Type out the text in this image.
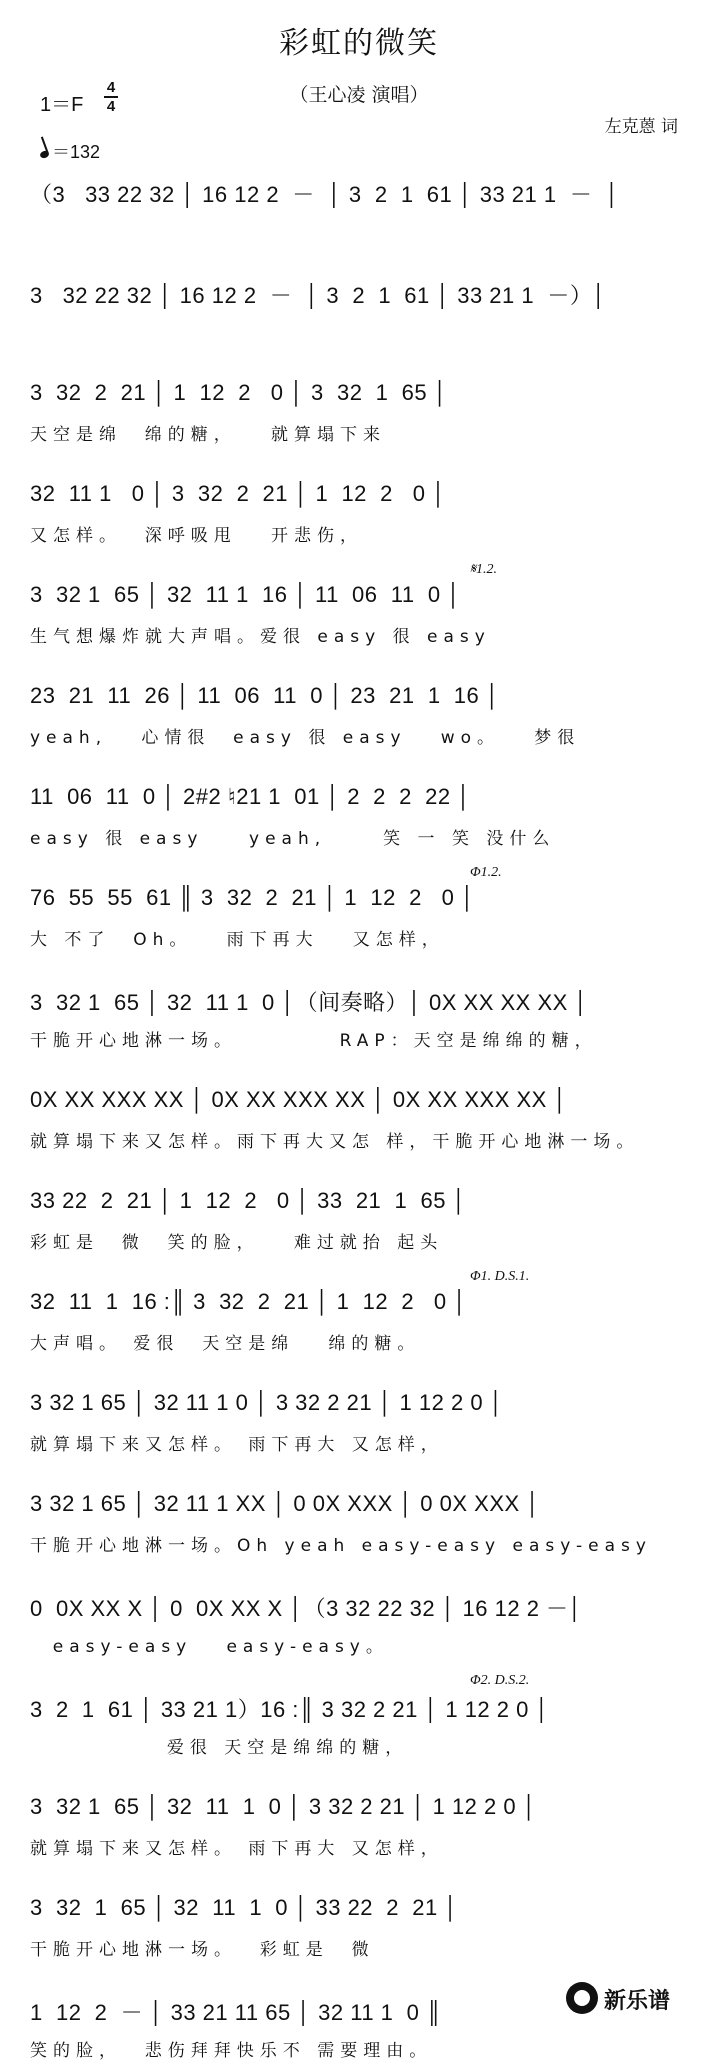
彩虹的微笑
（王心凌 演唱）
1＝F
4
4
＝132
左克蒽 词
（3   33 22 32 │ 16 12 2  －  │ 3  2  1  61 │ 33 21 1  －  │
3   32 22 32 │ 16 12 2  －  │ 3  2  1  61 │ 33 21 1  －）│
3  32  2  21 │ 1  12  2   0 │ 3  32  1  65 │
天空是绵  绵的糖，   就算塌下来
32  11 1   0 │ 3  32  2  21 │ 1  12  2   0 │
又怎样。  深呼吸甩   开悲伤，
3  32 1  65 │ 32  11 1  16 │ 11  06  11  0 │
生气想爆炸就大声唱。爱很 easy 很 easy
𝄋1.2.
23  21  11  26 │ 11  06  11  0 │ 23  21  1  16 │
yeah,   心情很  easy 很 easy   wo。   梦很
11  06  11  0 │ 2#2 ♮21 1  01 │ 2  2  2  22 │
easy 很 easy    yeah,     笑 一 笑 没什么
76  55  55  61 ║ 3  32  2  21 │ 1  12  2   0 │
大 不了  Oh。   雨下再大   又怎样，
Φ1.2.
3  32 1  65 │ 32  11 1  0 │（间奏略）│ 0X XX XX XX │
干脆开心地淋一场。         RAP：天空是绵绵的糖，
0X XX XXX XX │ 0X XX XXX XX │ 0X XX XXX XX │
就算塌下来又怎样。雨下再大又怎 样，干脆开心地淋一场。
33 22  2  21 │ 1  12  2   0 │ 33  21  1  65 │
彩虹是  微  笑的脸，   难过就抬 起头
32  11  1  16 :║ 3  32  2  21 │ 1  12  2   0 │
大声唱。 爱很  天空是绵   绵的糖。
Φ1. D.S.1.
3 32 1 65 │ 32 11 1 0 │ 3 32 2 21 │ 1 12 2 0 │
就算塌下来又怎样。 雨下再大 又怎样，
3 32 1 65 │ 32 11 1 XX │ 0 0X XXX │ 0 0X XXX │
干脆开心地淋一场。Oh yeah easy-easy easy-easy
0  0X XX X │ 0  0X XX X │（3 32 22 32 │ 16 12 2 －│
easy-easy   easy-easy。
3  2  1  61 │ 33 21 1）16 :║ 3 32 2 21 │ 1 12 2 0 │
爱很 天空是绵绵的糖，
Φ2. D.S.2.
3  32 1  65 │ 32  11  1  0 │ 3 32 2 21 │ 1 12 2 0 │
就算塌下来又怎样。 雨下再大 又怎样，
3  32  1  65 │ 32  11  1  0 │ 33 22  2  21 │
干脆开心地淋一场。  彩虹是  微
1  12  2  － │ 33 21 11 65 │ 32 11 1  0 ║
笑的脸，  悲伤拜拜快乐不 需要理由。
新乐谱
